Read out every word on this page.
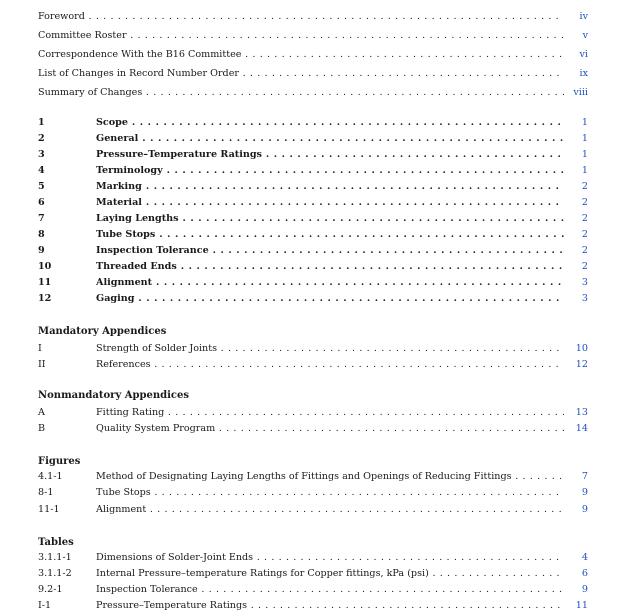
Foreword . . .	iv
Committee Roster . . .	v
Correspondence With the B16 Committee . . .	vi
List of Changes in Record Number Order . . .	ix
Summary of Changes . . .	viii
1	Scope . . .	1
2	General . . .	1
3	Pressure–Temperature Ratings . . .	1
4	Terminology . . .	1
5	Marking . . .	2
6	Material . . .	2
7	Laying Lengths . . .	2
8	Tube Stops . . .	2
9	Inspection Tolerance . . .	2
10	Threaded Ends . . .	2
11	Alignment . . .	3
12	Gaging . . .	3
Mandatory Appendices
I	Strength of Solder Joints . . .	10
II	References . . .	12
Nonmandatory Appendices
A	Fitting Rating . . .	13
B	Quality System Program . . .	14
Figures
4.1-1	Method of Designating Laying Lengths of Fittings and Openings of Reducing Fittings . . .	7
8-1	Tube Stops . . .	9
11-1	Alignment . . .	9
Tables
3.1.1-1	Dimensions of Solder-Joint Ends . . .	4
3.1.1-2	Internal Pressure–temperature Ratings for Copper fittings, kPa (psi) . . .	6
9.2-1	Inspection Tolerance . . .	9
I-1	Pressure–Temperature Ratings . . .	11
